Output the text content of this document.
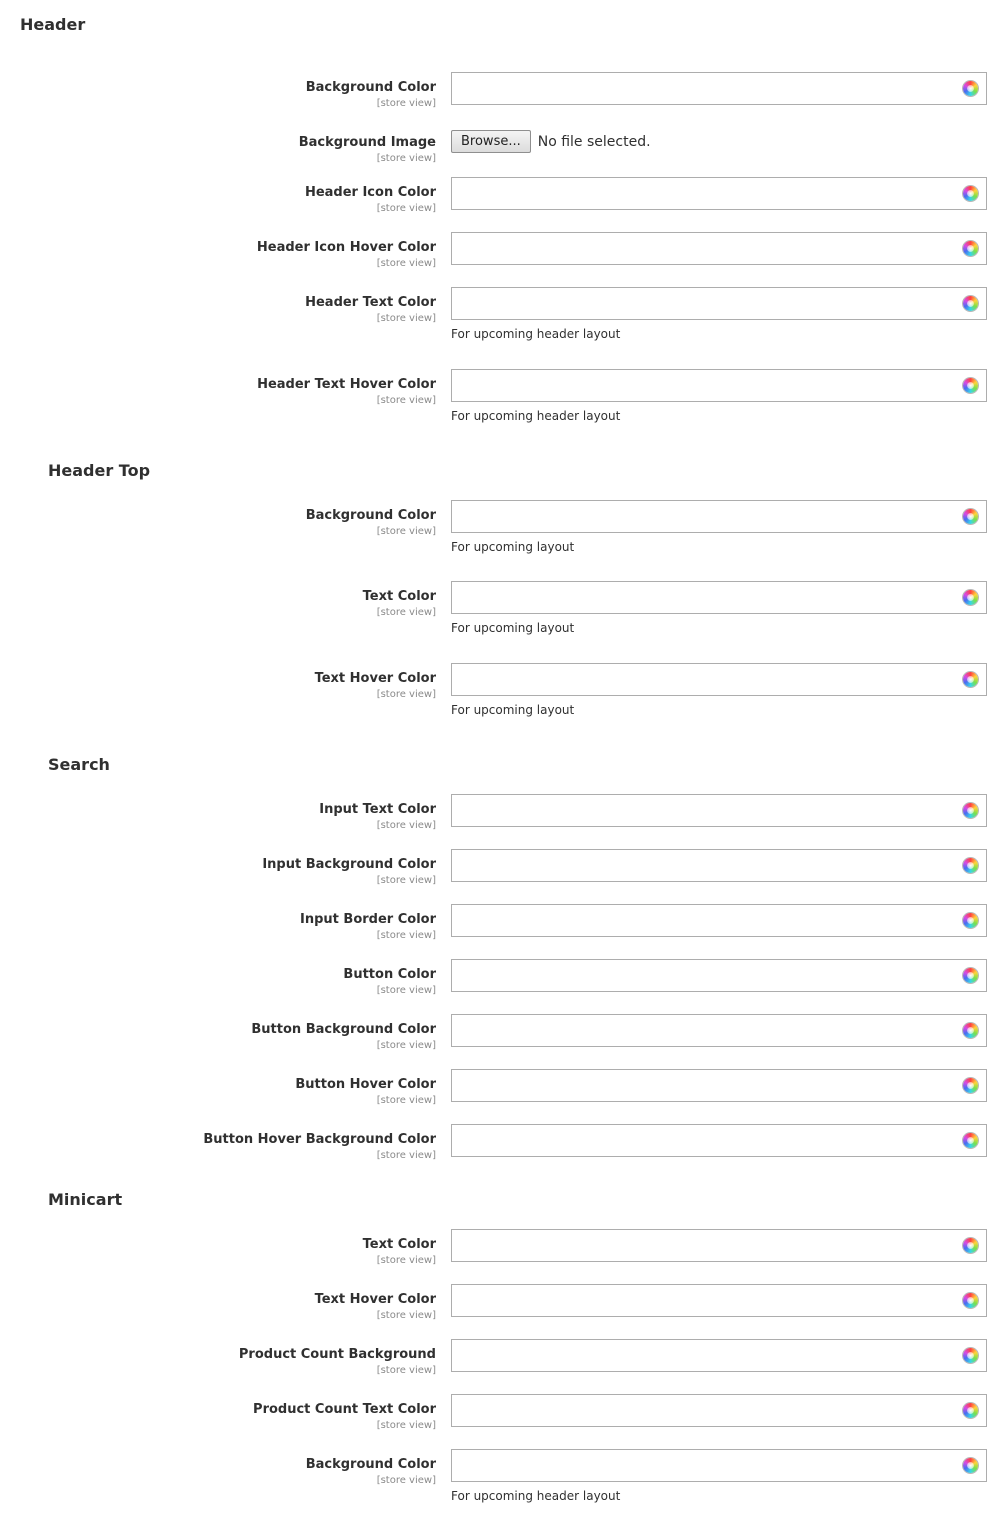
Header
Background Color
[store view]
Background Image
[store view]
Browse...	No file selected.
Header Icon Color
[store view]
Header Icon Hover Color
[store view]
Header Text Color
[store view]
For upcoming header layout
Header Text Hover Color
[store view]
For upcoming header layout
Header Top
Background Color
[store view]
For upcoming layout
Text Color
[store view]
For upcoming layout
Text Hover Color
[store view]
For upcoming layout
Search
Input Text Color
[store view]
Input Background Color
[store view]
Input Border Color
[store view]
Button Color
[store view]
Button Background Color
[store view]
Button Hover Color
[store view]
Button Hover Background Color
[store view]
Minicart
Text Color
[store view]
Text Hover Color
[store view]
Product Count Background
[store view]
Product Count Text Color
[store view]
Background Color
[store view]
For upcoming header layout
